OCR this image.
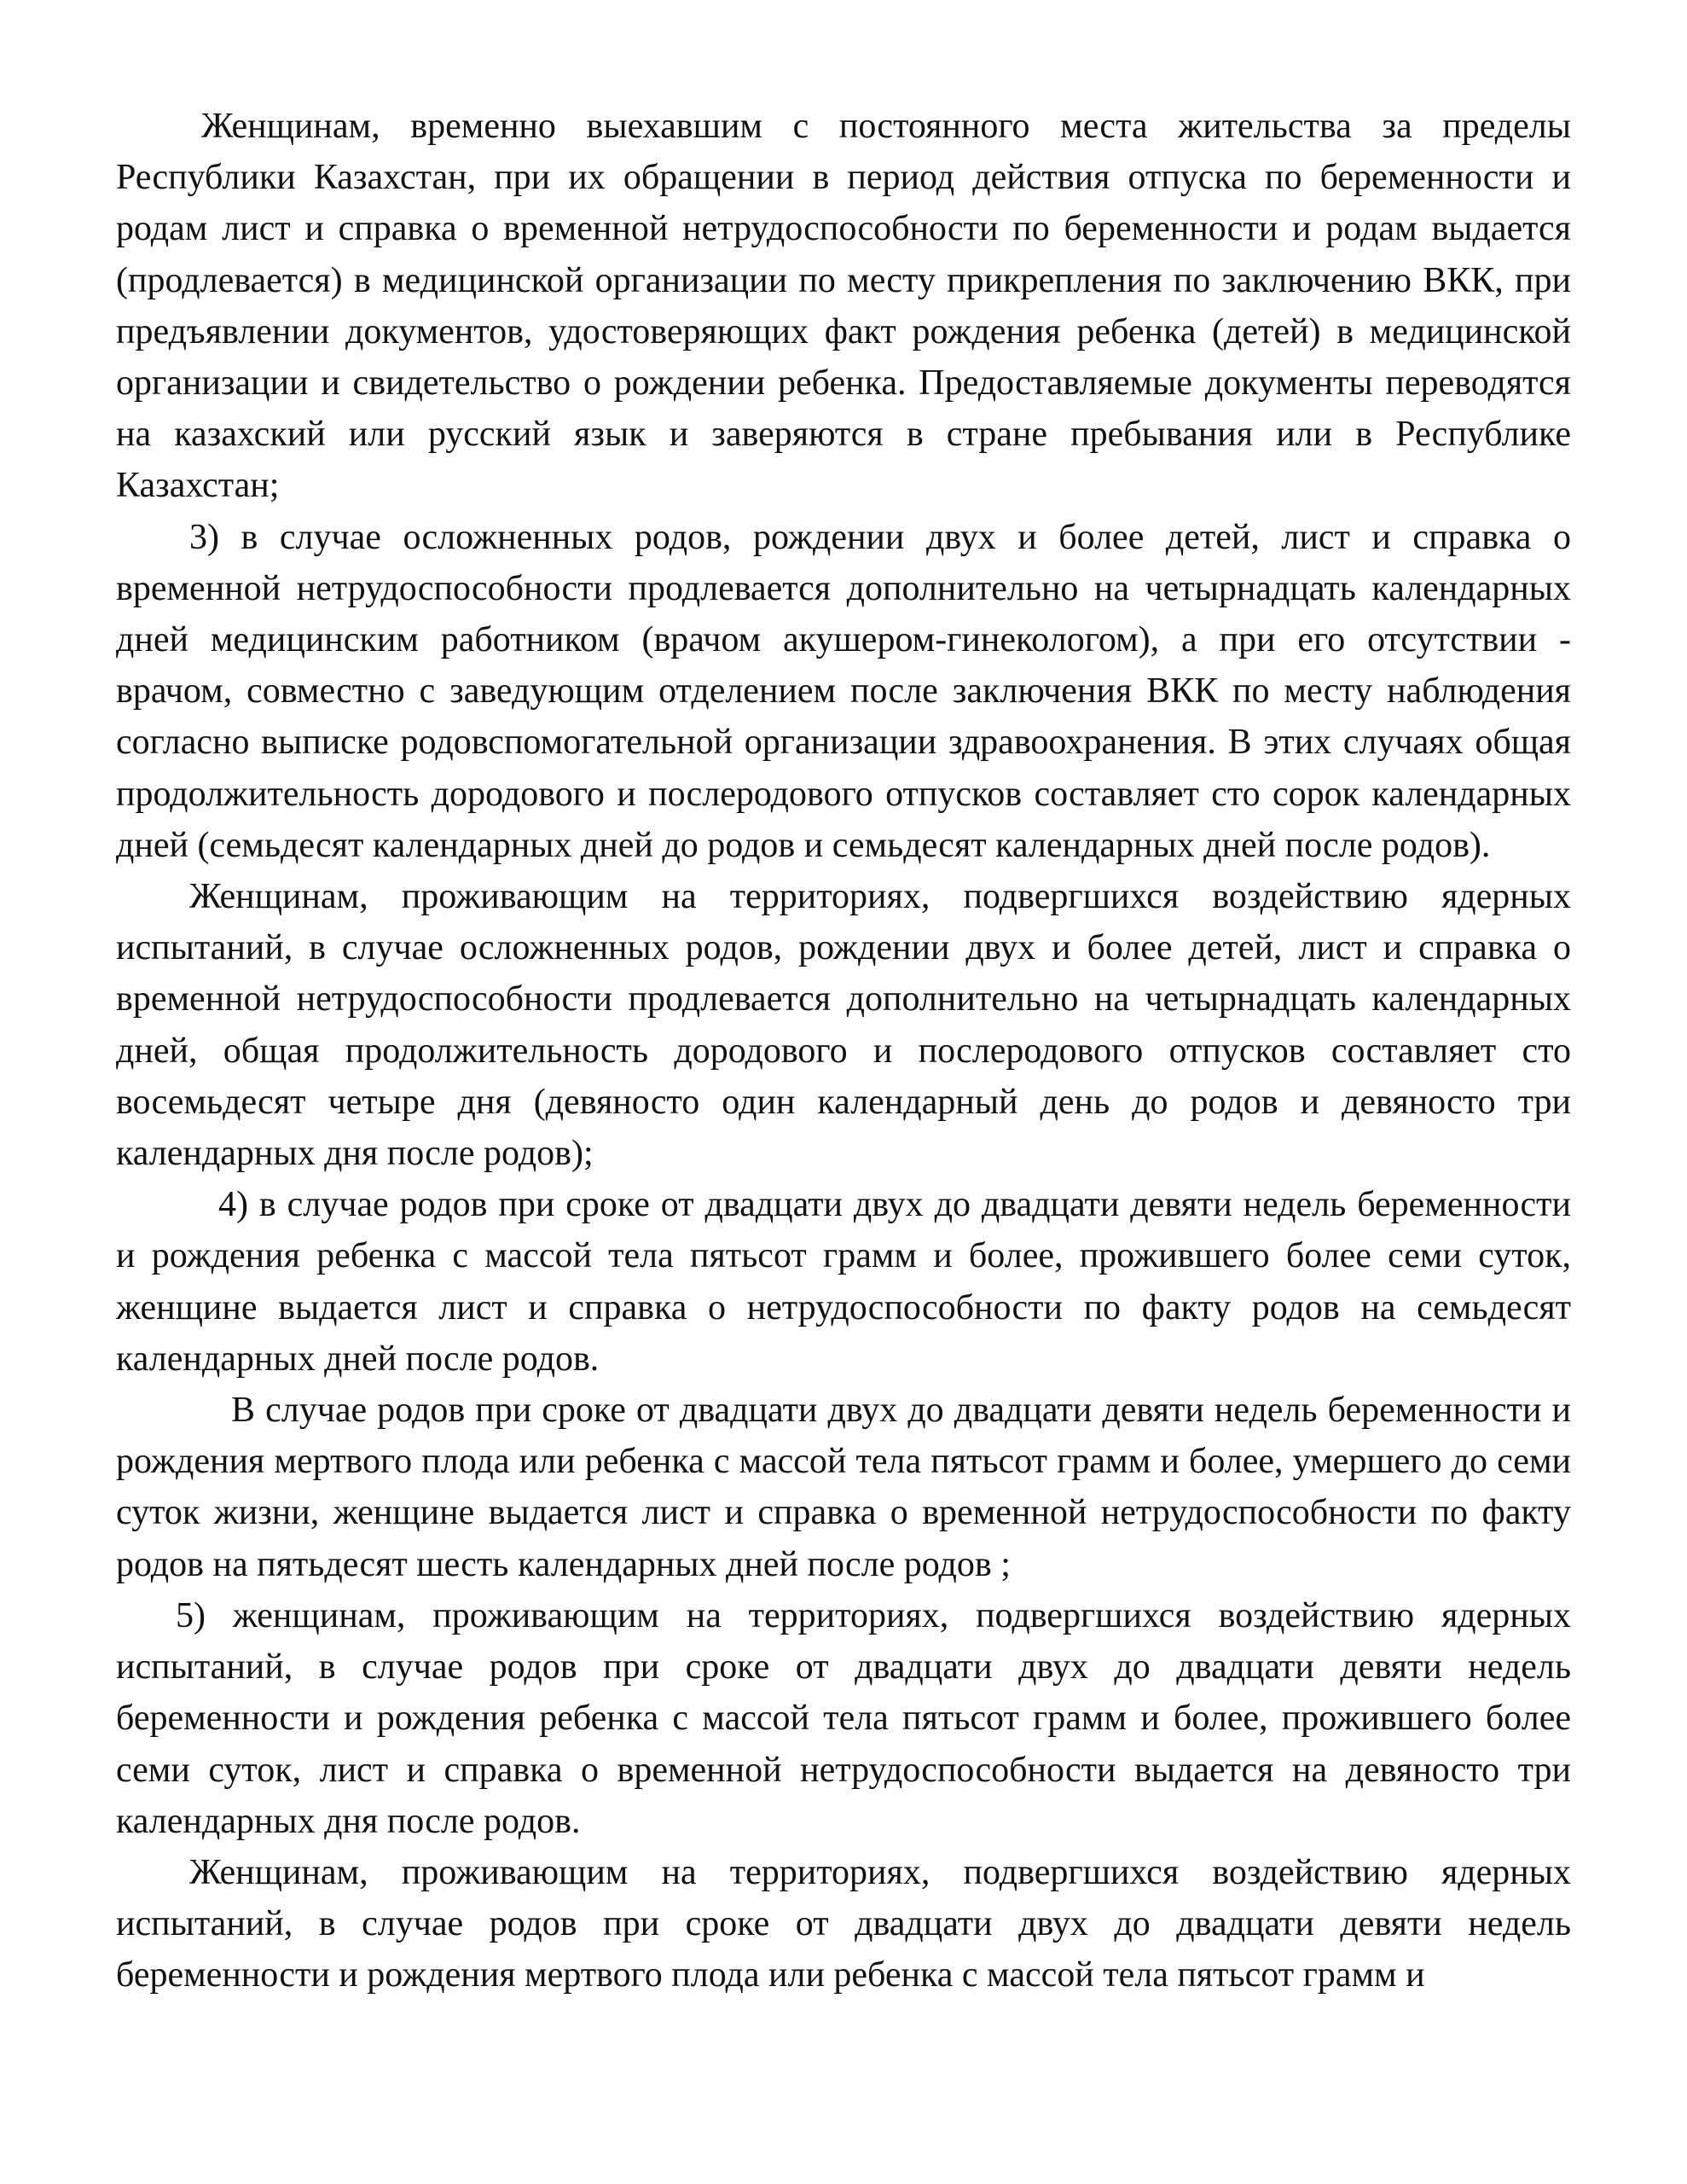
Женщинам, временно выехавшим с постоянного места жительства за пределы Республики Казахстан, при их обращении в период действия отпуска по беременности и родам лист и справка о временной нетрудоспособности по беременности и родам выдается (продлевается) в медицинской организации по месту прикрепления по заключению ВКК, при предъявлении документов, удостоверяющих факт рождения ребенка (детей) в медицинской организации и свидетельство о рождении ребенка. Предоставляемые документы переводятся на казахский или русский язык и заверяются в стране пребывания или в Республике Казахстан;

3) в случае осложненных родов, рождении двух и более детей, лист и справка о временной нетрудоспособности продлевается дополнительно на четырнадцать календарных дней медицинским работником (врачом акушером-гинекологом), а при его отсутствии - врачом, совместно с заведующим отделением после заключения ВКК по месту наблюдения согласно выписке родовспомогательной организации здравоохранения. В этих случаях общая продолжительность дородового и послеродового отпусков составляет сто сорок календарных дней (семьдесят календарных дней до родов и семьдесят календарных дней после родов).

Женщинам, проживающим на территориях, подвергшихся воздействию ядерных испытаний, в случае осложненных родов, рождении двух и более детей, лист и справка о временной нетрудоспособности продлевается дополнительно на четырнадцать календарных дней, общая продолжительность дородового и послеродового отпусков составляет сто восемьдесят четыре дня (девяносто один календарный день до родов и девяносто три календарных дня после родов);

4) в случае родов при сроке от двадцати двух до двадцати девяти недель беременности и рождения ребенка с массой тела пятьсот грамм и более, прожившего более семи суток, женщине выдается лист и справка о нетрудоспособности по факту родов на семьдесят календарных дней после родов.

В случае родов при сроке от двадцати двух до двадцати девяти недель беременности и рождения мертвого плода или ребенка с массой тела пятьсот грамм и более, умершего до семи суток жизни, женщине выдается лист и справка о временной нетрудоспособности по факту родов на пятьдесят шесть календарных дней после родов ;

5) женщинам, проживающим на территориях, подвергшихся воздействию ядерных испытаний, в случае родов при сроке от двадцати двух до двадцати девяти недель беременности и рождения ребенка с массой тела пятьсот грамм и более, прожившего более семи суток, лист и справка о временной нетрудоспособности выдается на девяносто три календарных дня после родов.

Женщинам, проживающим на территориях, подвергшихся воздействию ядерных испытаний, в случае родов при сроке от двадцати двух до двадцати девяти недель беременности и рождения мертвого плода или ребенка с массой тела пятьсот грамм и
